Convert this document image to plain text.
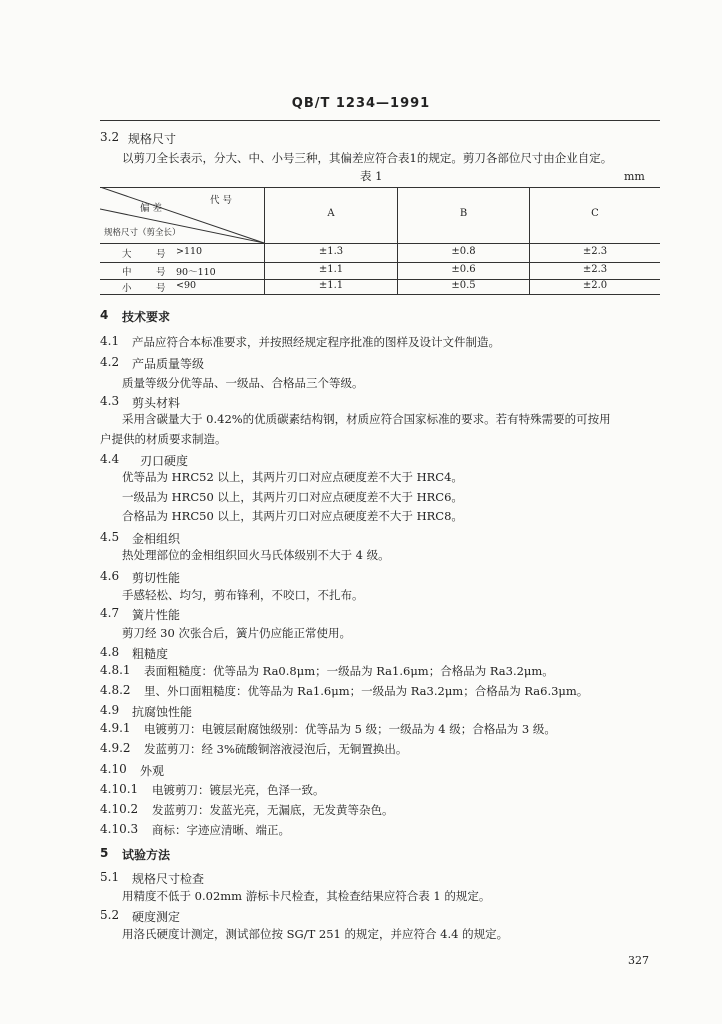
QB/T 1234—1991
3.2 规格尺寸
以剪刀全长表示，分大、中、小号三种，其偏差应符合表1的规定。剪刀各部位尺寸由企业自定。
表 1	mm
代 号
偏 差
规格尺寸（剪全长）
A	B	C
大	号 >110	±1.3	±0.8	±2.3
中	号 90～110	±1.1	±0.6	±2.3
小	号 <90	±1.1	±0.5	±2.0
4 技术要求
4.1 产品应符合本标准要求，并按照经规定程序批准的图样及设计文件制造。
4.2 产品质量等级
质量等级分优等品、一级品、合格品三个等级。
4.3 剪头材料
采用含碳量大于 0.42%的优质碳素结构钢，材质应符合国家标准的要求。若有特殊需要的可按用
户提供的材质要求制造。
4.4 刃口硬度
优等品为 HRC52 以上，其两片刃口对应点硬度差不大于 HRC4。
一级品为 HRC50 以上，其两片刃口对应点硬度差不大于 HRC6。
合格品为 HRC50 以上，其两片刃口对应点硬度差不大于 HRC8。
4.5 金相组织
热处理部位的金相组织回火马氏体级别不大于 4 级。
4.6 剪切性能
手感轻松、均匀，剪布锋利，不咬口，不扎布。
4.7 簧片性能
剪刀经 30 次张合后，簧片仍应能正常使用。
4.8 粗糙度
4.8.1 表面粗糙度：优等品为 Ra0.8μm；一级品为 Ra1.6μm；合格品为 Ra3.2μm。
4.8.2 里、外口面粗糙度：优等品为 Ra1.6μm；一级品为 Ra3.2μm；合格品为 Ra6.3μm。
4.9 抗腐蚀性能
4.9.1 电镀剪刀：电镀层耐腐蚀级别：优等品为 5 级；一级品为 4 级；合格品为 3 级。
4.9.2 发蓝剪刀：经 3%硫酸铜溶液浸泡后，无铜置换出。
4.10 外观
4.10.1 电镀剪刀：镀层光亮，色泽一致。
4.10.2 发蓝剪刀：发蓝光亮，无漏底，无发黄等杂色。
4.10.3 商标：字迹应清晰、端正。
5 试验方法
5.1 规格尺寸检查
用精度不低于 0.02mm 游标卡尺检查，其检查结果应符合表 1 的规定。
5.2 硬度测定
用洛氏硬度计测定，测试部位按 SG/T 251 的规定，并应符合 4.4 的规定。
327
